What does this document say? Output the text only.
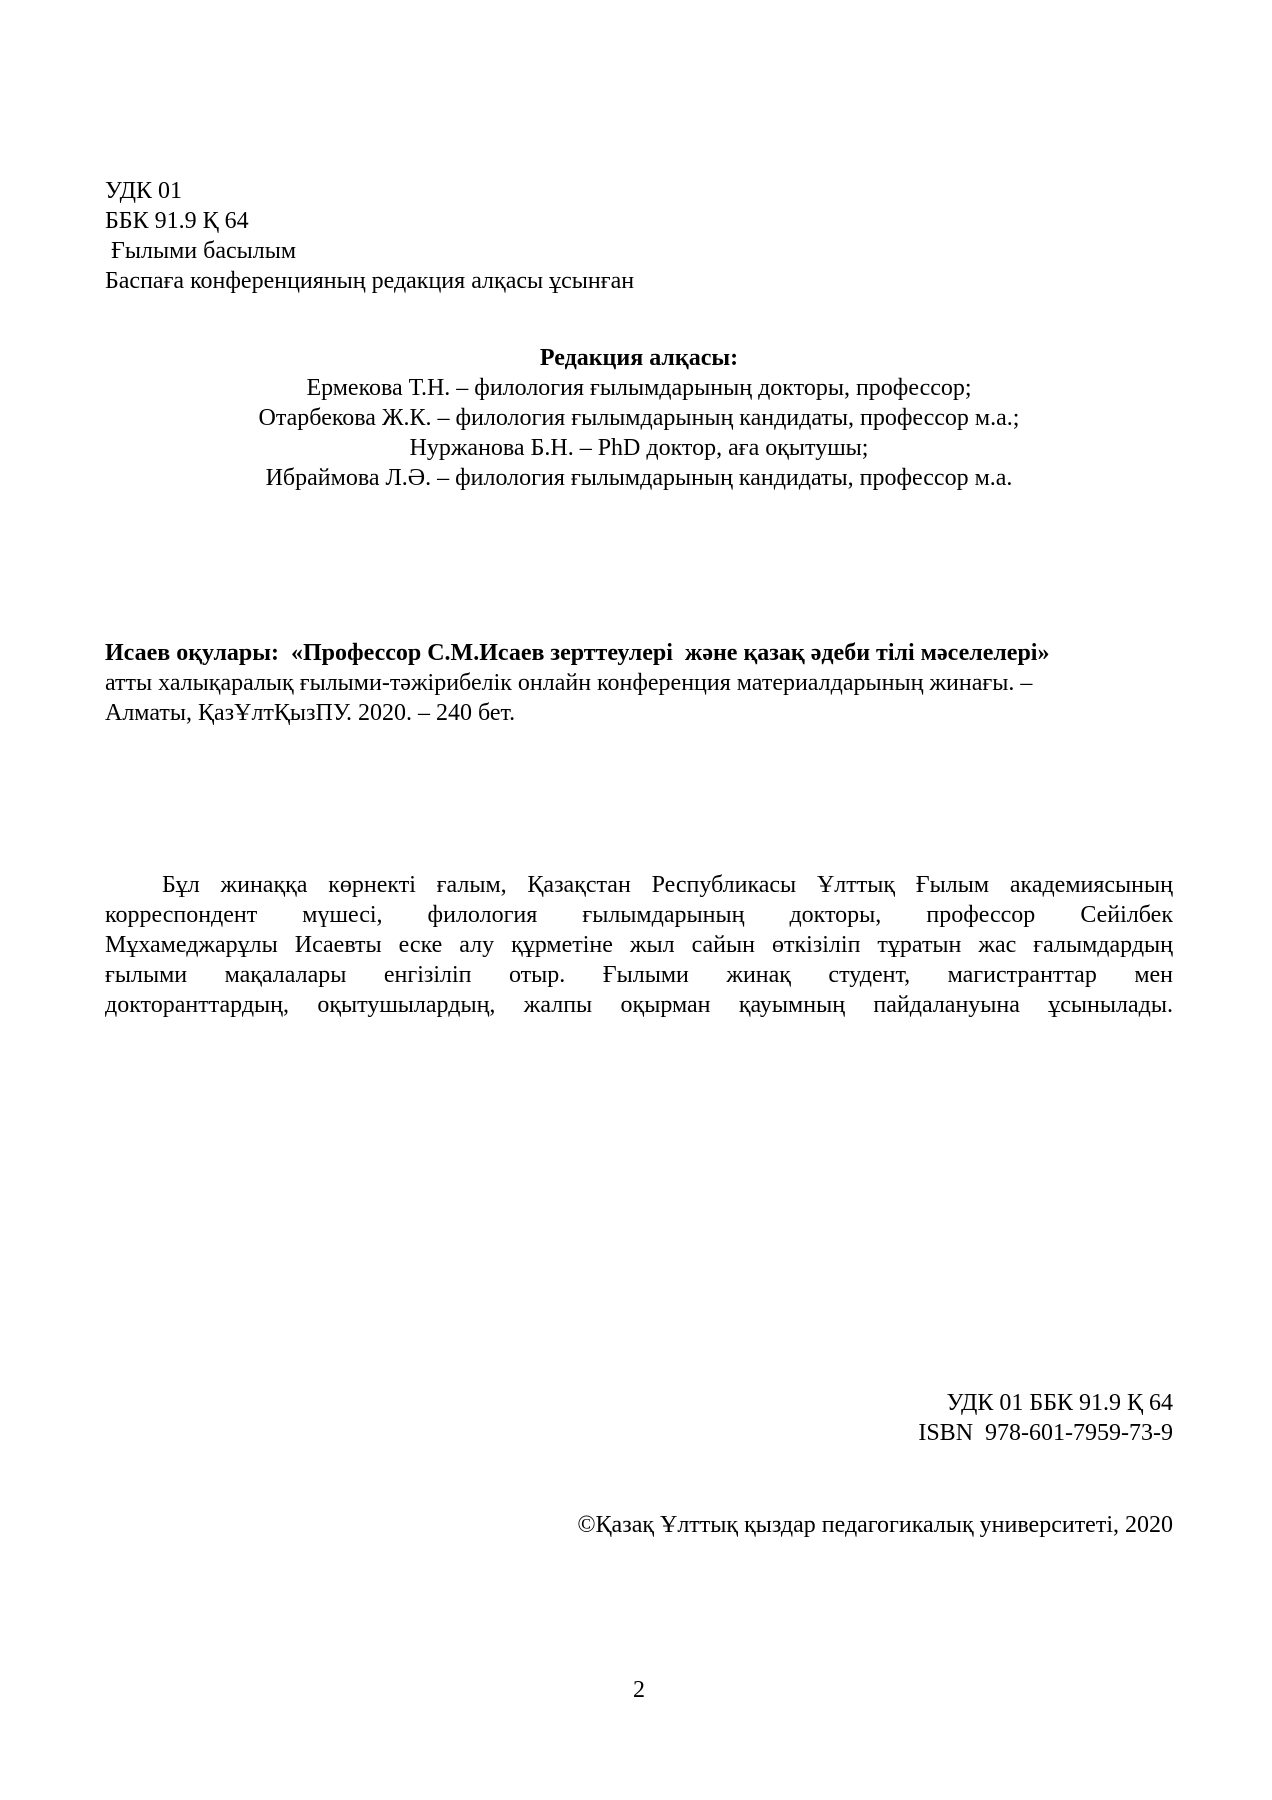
УДК 01
ББК 91.9 Қ 64
Ғылыми басылым
Баспаға конференцияның редакция алқасы ұсынған
Редакция алқасы:
Ермекова Т.Н. – филология ғылымдарының докторы, профессор;
Отарбекова Ж.К. – филология ғылымдарының кандидаты, профессор м.а.;
Нуржанова Б.Н. – PhD доктор, аға оқытушы;
Ибраймова Л.Ә. – филология ғылымдарының кандидаты, профессор м.а.
Исаев оқулары:  «Профессор С.М.Исаев зерттеулері  және қазақ әдеби тілі мәселелері»
атты халықаралық ғылыми-тәжірибелік онлайн конференция материалдарының жинағы. –
Алматы, ҚазҰлтҚызПУ. 2020. – 240 бет.
Бұл жинаққа көрнекті ғалым, Қазақстан Республикасы Ұлттық Ғылым академиясының
корреспондент мүшесі, филология ғылымдарының докторы, профессор Сейілбек
Мұхамеджарұлы Исаевты еске алу құрметіне жыл сайын өткізіліп тұратын жас ғалымдардың
ғылыми мақалалары енгізіліп отыр. Ғылыми жинақ студент, магистранттар мен
докторанттардың, оқытушылардың, жалпы оқырман қауымның пайдалануына ұсынылады.
УДК 01 ББК 91.9 Қ 64
ISBN  978-601-7959-73-9
©Қазақ Ұлттық қыздар педагогикалық университеті, 2020
2
